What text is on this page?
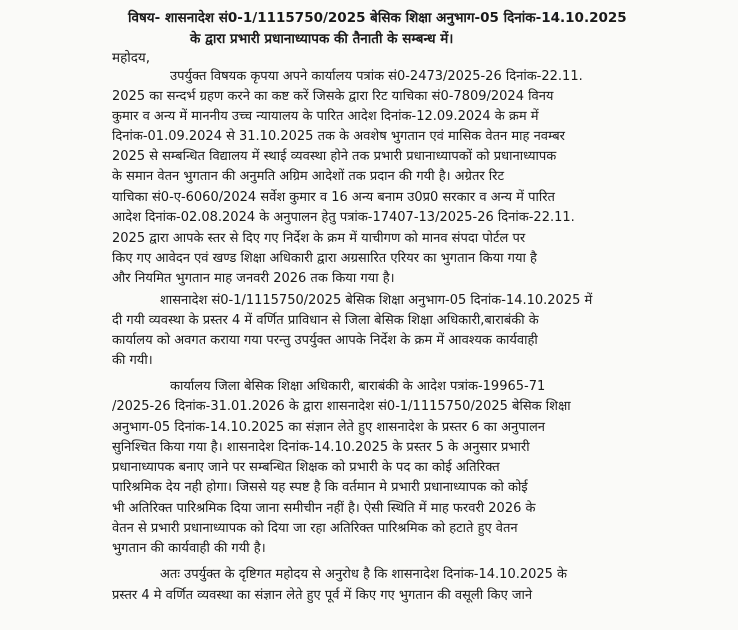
विषय- शासनादेश सं0-1/1115750/2025 बेसिक शिक्षा अनुभाग-05 दिनांक-14.10.2025
के द्वारा प्रभारी प्रधानाध्यापक की तैनाती के सम्बन्ध में।
महोदय,
उपर्युक्त विषयक कृपया अपने कार्यालय पत्रांक सं0-2473/2025-26 दिनांक-22.11.
2025 का सन्दर्भ ग्रहण करने का कष्ट करें जिसके द्वारा रिट याचिका सं0-7809/2024 विनय
कुमार व अन्य में माननीय उच्च न्यायालय के पारित आदेश दिनांक-12.09.2024 के क्रम में
दिनांक-01.09.2024 से 31.10.2025 तक के अवशेष भुगतान एवं मासिक वेतन माह नवम्बर
2025 से सम्बन्धित विद्यालय में स्थाई व्यवस्था होने तक प्रभारी प्रधानाध्यापकों को प्रधानाध्यापक
के समान वेतन भुगतान की अनुमति अग्रिम आदेशों तक प्रदान की गयी है। अग्रेतर रिट
याचिका सं0-ए-6060/2024 सर्वेश कुमार व 16 अन्य बनाम उ0प्र0 सरकार व अन्य में पारित
आदेश दिनांक-02.08.2024 के अनुपालन हेतु पत्रांक-17407-13/2025-26 दिनांक-22.11.
2025 द्वारा आपके स्तर से दिए गए निर्देश के क्रम में याचीगण को मानव संपदा पोर्टल पर
किए गए आवेदन एवं खण्ड शिक्षा अधिकारी द्वारा अग्रसारित एरियर का भुगतान किया गया है
और नियमित भुगतान माह जनवरी 2026 तक किया गया है।
शासनादेश सं0-1/1115750/2025 बेसिक शिक्षा अनुभाग-05 दिनांक-14.10.2025 में
दी गयी व्यवस्था के प्रस्तर 4 में वर्णित प्राविधान से जिला बेसिक शिक्षा अधिकारी,बाराबंकी के
कार्यालय को अवगत कराया गया परन्तु उपर्युक्त आपके निर्देश के क्रम में आवश्यक कार्यवाही
की गयी।
कार्यालय जिला बेसिक शिक्षा अधिकारी, बाराबंकी के आदेश पत्रांक-19965-71
/2025-26 दिनांक-31.01.2026 के द्वारा शासनादेश सं0-1/1115750/2025 बेसिक शिक्षा
अनुभाग-05 दिनांक-14.10.2025 का संज्ञान लेते हुए शासनादेश के प्रस्तर 6 का अनुपालन
सुनिश्चित किया गया है। शासनादेश दिनांक-14.10.2025 के प्रस्तर 5 के अनुसार प्रभारी
प्रधानाध्यापक बनाए जाने पर सम्बन्धित शिक्षक को प्रभारी के पद का कोई अतिरिक्त
पारिश्रमिक देय नही होगा। जिससे यह स्पष्ट है कि वर्तमान मे प्रभारी प्रधानाध्यापक को कोई
भी अतिरिक्त पारिश्रमिक दिया जाना समीचीन नहीं है। ऐसी स्थिति में माह फरवरी 2026 के
वेतन से प्रभारी प्रधानाध्यापक को दिया जा रहा अतिरिक्त पारिश्रमिक को हटाते हुए वेतन
भुगतान की कार्यवाही की गयी है।
अतः उपर्युक्त के दृष्टिगत महोदय से अनुरोध है कि शासनादेश दिनांक-14.10.2025 के
प्रस्तर 4 मे वर्णित व्यवस्था का संज्ञान लेते हुए पूर्व में किए गए भुगतान की वसूली किए जाने
